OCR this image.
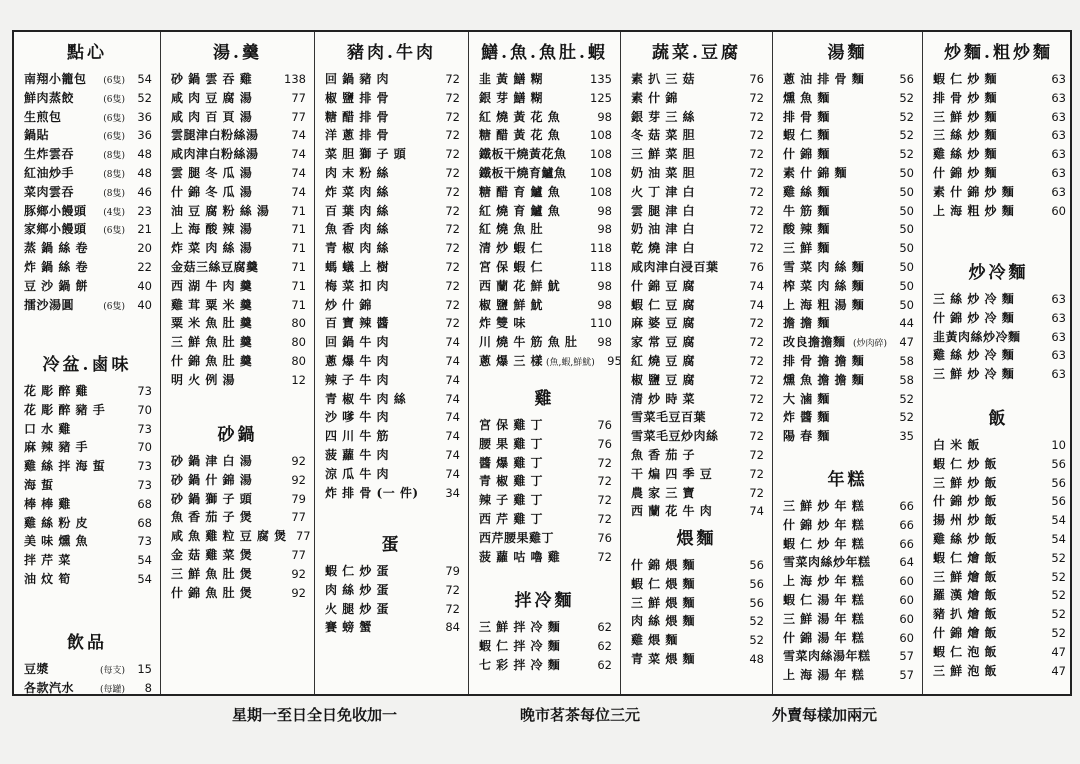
點心
南翔小籠包	(6隻)	54
鮮肉蒸餃	(6隻)	52
生煎包	(6隻)	36
鍋貼	(6隻)	36
生炸雲吞	(8隻)	48
紅油炒手	(8隻)	48
菜肉雲吞	(8隻)	46
豚鄉小饅頭	(4隻)	23
家鄉小饅頭	(6隻)	21
蒸 鍋 絲 卷	20
炸 鍋 絲 卷	22
豆 沙 鍋 餅	40
擂沙湯圓	(6隻)	40
冷盆.鹵味
花 彫 醉 雞	73
花 彫 醉 豬 手	70
口 水 雞	73
麻 辣 豬 手	70
雞 絲 拌 海 蜇	73
海 蜇	73
棒 棒 雞	68
雞 絲 粉 皮	68
美 味 燻 魚	73
拌 芹 菜	54
油 炆 筍	54
飲品
豆漿	(每支)	15
各款汽水	(每罐)	8
湯.羹
砂 鍋 雲 吞 雞	138
咸 肉 豆 腐 湯	77
咸 肉 百 頁 湯	77
雲腿津白粉絲湯	74
咸肉津白粉絲湯	74
雲 腿 冬 瓜 湯	74
什 錦 冬 瓜 湯	74
油 豆 腐 粉 絲 湯	71
上 海 酸 辣 湯	71
炸 菜 肉 絲 湯	71
金菇三絲豆腐羹	71
西 湖 牛 肉 羹	71
雞 茸 粟 米 羹	71
粟 米 魚 肚 羹	80
三 鮮 魚 肚 羹	80
什 錦 魚 肚 羹	80
明 火 例 湯	12
砂鍋
砂 鍋 津 白 湯	92
砂 鍋 什 錦 湯	92
砂 鍋 獅 子 頭	79
魚 香 茄 子 煲	77
咸 魚 雞 粒 豆 腐 煲 77
金 菇 雞 菜 煲	77
三 鮮 魚 肚 煲	92
什 錦 魚 肚 煲	92
豬肉.牛肉
回 鍋 豬 肉	72
椒 鹽 排 骨	72
糖 醋 排 骨	72
洋 蔥 排 骨	72
菜 胆 獅 子 頭	72
肉 末 粉 絲	72
炸 菜 肉 絲	72
百 葉 肉 絲	72
魚 香 肉 絲	72
青 椒 肉 絲	72
螞 蟻 上 樹	72
梅 菜 扣 肉	72
炒 什 錦	72
百 寶 辣 醬	72
回 鍋 牛 肉	74
蔥 爆 牛 肉	74
辣 子 牛 肉	74
青 椒 牛 肉 絲	74
沙 嗲 牛 肉	74
四 川 牛 筋	74
菠 蘿 牛 肉	74
涼 瓜 牛 肉	74
炸 排 骨 (一 件)	34
蛋
蝦 仁 炒 蛋	79
肉 絲 炒 蛋	72
火 腿 炒 蛋	72
賽 螃 蟹	84
鱔.魚.魚肚.蝦
韭 黃 鱔 糊	135
銀 芽 鱔 糊	125
紅 燒 黃 花 魚	98
糖 醋 黃 花 魚	108
鐵板干燒黃花魚	108
鐵板干燒育鱸魚	108
糖 醋 育 鱸 魚	108
紅 燒 育 鱸 魚	98
紅 燒 魚 肚	98
清 炒 蝦 仁	118
宮 保 蝦 仁	118
西 蘭 花 鮮 魷	98
椒 鹽 鮮 魷	98
炸 雙 味	110
川 燒 牛 筋 魚 肚	98
蔥 爆 三 樣 (魚,蝦,鮮魷)	95
雞
宮 保 雞 丁	76
腰 果 雞 丁	76
醬 爆 雞 丁	72
青 椒 雞 丁	72
辣 子 雞 丁	72
西 芹 雞 丁	72
西芹腰果雞丁	76
菠 蘿 咕 嚕 雞	72
拌冷麵
三 鮮 拌 冷 麵	62
蝦 仁 拌 冷 麵	62
七 彩 拌 冷 麵	62
蔬菜.豆腐
素 扒 三 菇	76
素 什 錦	72
銀 芽 三 絲	72
冬 菇 菜 胆	72
三 鮮 菜 胆	72
奶 油 菜 胆	72
火 丁 津 白	72
雲 腿 津 白	72
奶 油 津 白	72
乾 燒 津 白	72
咸肉津白浸百葉	76
什 錦 豆 腐	74
蝦 仁 豆 腐	74
麻 婆 豆 腐	72
家 常 豆 腐	72
紅 燒 豆 腐	72
椒 鹽 豆 腐	72
清 炒 時 菜	72
雪菜毛豆百葉	72
雪菜毛豆炒肉絲	72
魚 香 茄 子	72
干 煸 四 季 豆	72
農 家 三 寶	72
西 蘭 花 牛 肉	74
煨麵
什 錦 煨 麵	56
蝦 仁 煨 麵	56
三 鮮 煨 麵	56
肉 絲 煨 麵	52
雞 煨 麵	52
青 菜 煨 麵	48
湯麵
蔥 油 排 骨 麵	56
燻 魚 麵	52
排 骨 麵	52
蝦 仁 麵	52
什 錦 麵	52
素 什 錦 麵	50
雞 絲 麵	50
牛 筋 麵	50
酸 辣 麵	50
三 鮮 麵	50
雪 菜 肉 絲 麵	50
榨 菜 肉 絲 麵	50
上 海 粗 湯 麵	50
擔 擔 麵	44
改良擔擔麵 (炒肉碎)	47
排 骨 擔 擔 麵	58
燻 魚 擔 擔 麵	58
大 滷 麵	52
炸 醬 麵	52
陽 春 麵	35
年糕
三 鮮 炒 年 糕	66
什 錦 炒 年 糕	66
蝦 仁 炒 年 糕	66
雪菜肉絲炒年糕	64
上 海 炒 年 糕	60
蝦 仁 湯 年 糕	60
三 鮮 湯 年 糕	60
什 錦 湯 年 糕	60
雪菜肉絲湯年糕	57
上 海 湯 年 糕	57
炒麵.粗炒麵
蝦 仁 炒 麵	63
排 骨 炒 麵	63
三 鮮 炒 麵	63
三 絲 炒 麵	63
雞 絲 炒 麵	63
什 錦 炒 麵	63
素 什 錦 炒 麵	63
上 海 粗 炒 麵	60
炒冷麵
三 絲 炒 冷 麵	63
什 錦 炒 冷 麵	63
韭黃肉絲炒冷麵	63
雞 絲 炒 冷 麵	63
三 鮮 炒 冷 麵	63
飯
白 米 飯	10
蝦 仁 炒 飯	56
三 鮮 炒 飯	56
什 錦 炒 飯	56
揚 州 炒 飯	54
雞 絲 炒 飯	54
蝦 仁 燴 飯	52
三 鮮 燴 飯	52
羅 漢 燴 飯	52
豬 扒 燴 飯	52
什 錦 燴 飯	52
蝦 仁 泡 飯	47
三 鮮 泡 飯	47
星期一至日全日免收加一	晚市茗茶每位三元	外賣每樣加兩元
